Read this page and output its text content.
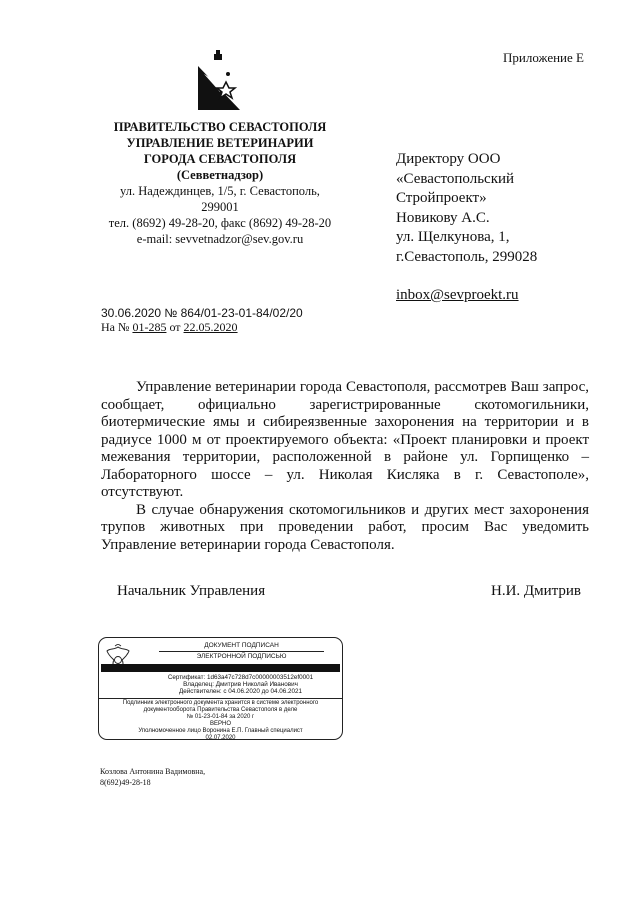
Приложение Е
ПРАВИТЕЛЬСТВО СЕВАСТОПОЛЯ
УПРАВЛЕНИЕ ВЕТЕРИНАРИИ
ГОРОДА СЕВАСТОПОЛЯ
(Севветнадзор)
ул. Надеждинцев, 1/5, г. Севастополь,
299001
тел. (8692) 49-28-20, факс (8692) 49-28-20
e-mail: sevvetnadzor@sev.gov.ru
Директору ООО
«Севастопольский
Стройпроект»
Новикову А.С.
ул. Щелкунова, 1,
г.Севастополь, 299028
inbox@sevproekt.ru
30.06.2020 № 864/01-23-01-84/02/20
На № 01-285 от 22.05.2020

Управление ветеринарии города Севастополя, рассмотрев Ваш запрос, сообщает, официально зарегистрированные скотомогильники, биотермические ямы и сибиреязвенные захоронения на территории и в радиусе 1000 м от проектируемого объекта: «Проект планировки и проект межевания территории, расположенной в районе ул. Горпищенко – Лабораторного шоссе – ул. Николая Кисляка в г. Севастополе», отсутствуют.

В случае обнаружения скотомогильников и других мест захоронения трупов животных при проведении работ, просим Вас уведомить Управление ветеринарии города Севастополя.

Начальник Управления	Н.И. Дмитрив
ДОКУМЕНТ ПОДПИСАН
ЭЛЕКТРОННОЙ ПОДПИСЬЮ
Сертификат: 1d63a47c728d7c00000003512ef0001
Владелец: Дмитрив Николай Иванович
Действителен: с 04.06.2020 до 04.06.2021
Подлинник электронного документа хранится в системе электронного
документооборота Правительства Севастополя в деле
№ 01-23-01-84 за 2020 г
ВЕРНО
Уполномоченное лицо Воронина Е.П. Главный специалист
02.07.2020
Козлова Антонина Вадимовна,
8(692)49-28-18
